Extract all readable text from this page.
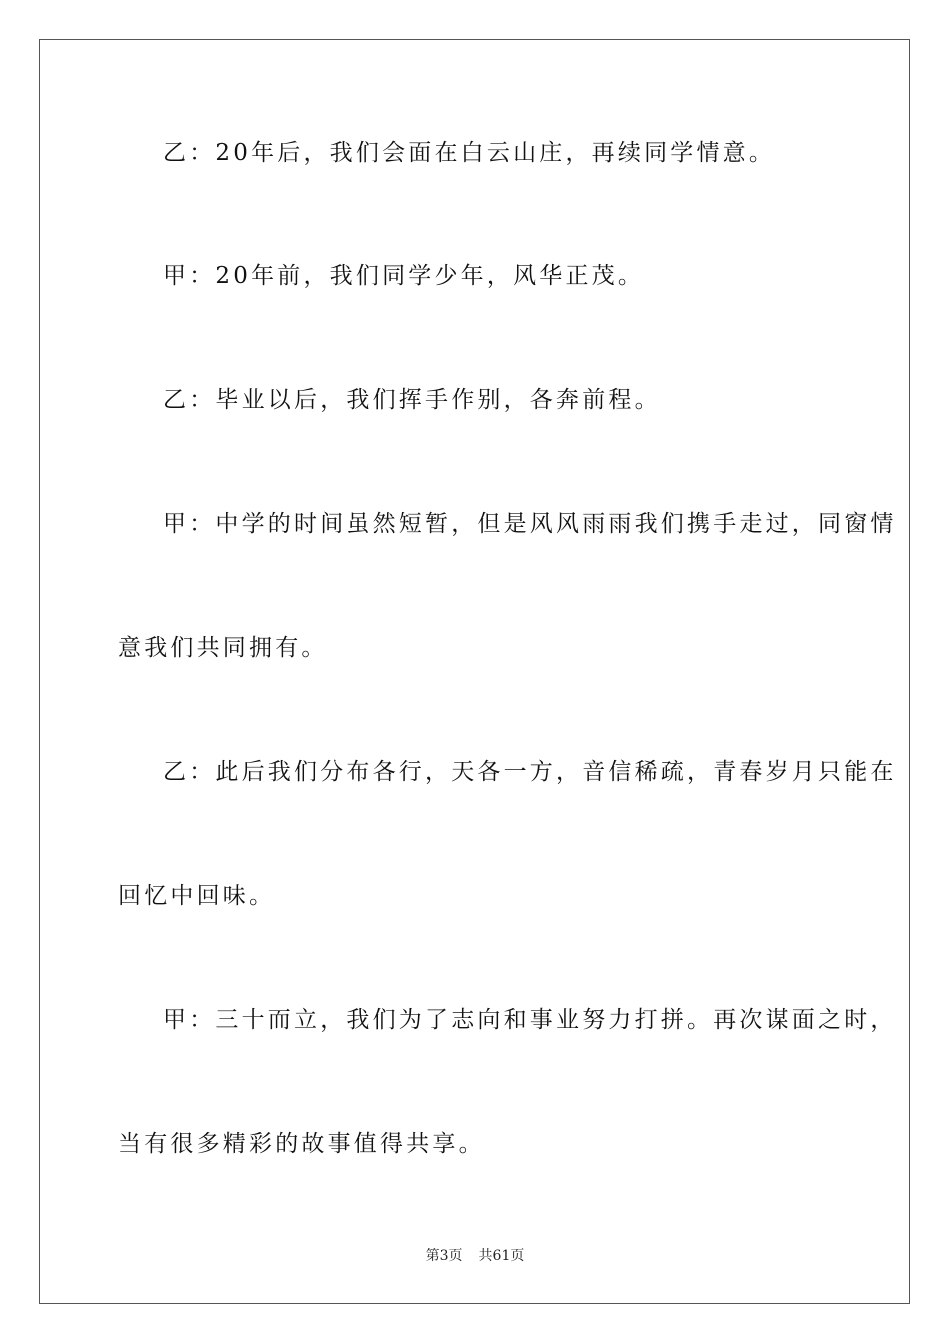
乙：20年后，我们会面在白云山庄，再续同学情意。
甲：20年前，我们同学少年，风华正茂。
乙：毕业以后，我们挥手作别，各奔前程。
甲：中学的时间虽然短暂，但是风风雨雨我们携手走过，同窗情
意我们共同拥有。
乙：此后我们分布各行，天各一方，音信稀疏，青春岁月只能在
回忆中回味。
甲：三十而立，我们为了志向和事业努力打拼。再次谋面之时，
当有很多精彩的故事值得共享。
第3页 共61页
